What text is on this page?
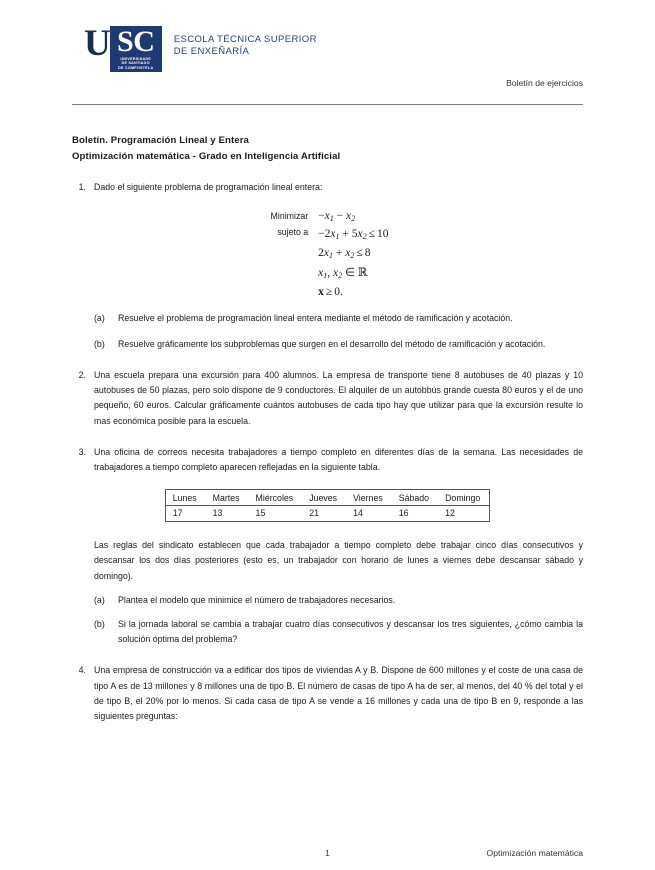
U SC
UNIVERSIDADE
DE SANTIAGO
DE COMPOSTELA
ESCOLA TÉCNICA SUPERIOR
DE ENXEÑARÍA
Boletín de ejercicios
Boletín. Programación Lineal y Entera
Optimización matemática - Grado en Inteligencia Artificial
1. Dado el siguiente problema de programación lineal entera:
Minimizar
sujeto a
−x1 − x2
−2x1 + 5x2 ≤ 10
2x1 + x2 ≤ 8
x1, x2 ∈ ℝ
x ≥ 0.
(a)	Resuelve el problema de programación lineal entera mediante el método de ramificación y acotación.
(b)	Resuelve gráficamente los subproblemas que surgen en el desarrollo del método de ramificación y acotación.
2. Una escuela prepara una excursión para 400 alumnos. La empresa de transporte tiene 8 autobuses de 40 plazas y 10 autobuses de 50 plazas, pero solo dispone de 9 conductores. El alquiler de un autobbús grande cuesta 80 euros y el de uno pequeño, 60 euros. Calcular gráficamente cuántos autobuses de cada tipo hay que utilizar para que la excursión resulte lo mas económica posible para la escuela.
3. Una oficina de correos necesita trabajadores a tiempo completo en diferentes días de la semana. Las necesidades de trabajadores a tiempo completo aparecen reflejadas en la siguiente tabla.
Lunes	Martes	Miércoles	Jueves	Viernes	Sábado	Domingo
17	13	15	21	14	16	12
Las reglas del sindicato establecen que cada trabajador a tiempo completo debe trabajar cinco días consecutivos y descansar los dos días posteriores (esto es, un trabajador con horario de lunes a viernes debe descansar sábado y domingo).
(a)	Plantea el modelo que minimice el número de trabajadores necesarios.
(b)	Si la jornada laboral se cambia a trabajar cuatro días consecutivos y descansar los tres siguientes, ¿cómo cambia la solución óptima del problema?
4. Una empresa de construcción va a edificar dos tipos de viviendas A y B. Dispone de 600 millones y el coste de una casa de tipo A es de 13 millones y 8 millones una de tipo B. El número de casas de tipo A ha de ser, al menos, del 40 % del total y el de tipo B, el 20% por lo menos. Si cada casa de tipo A se vende a 16 millones y cada una de tipo B en 9, responde a las siguientes preguntas:
1	Optimización matemática
